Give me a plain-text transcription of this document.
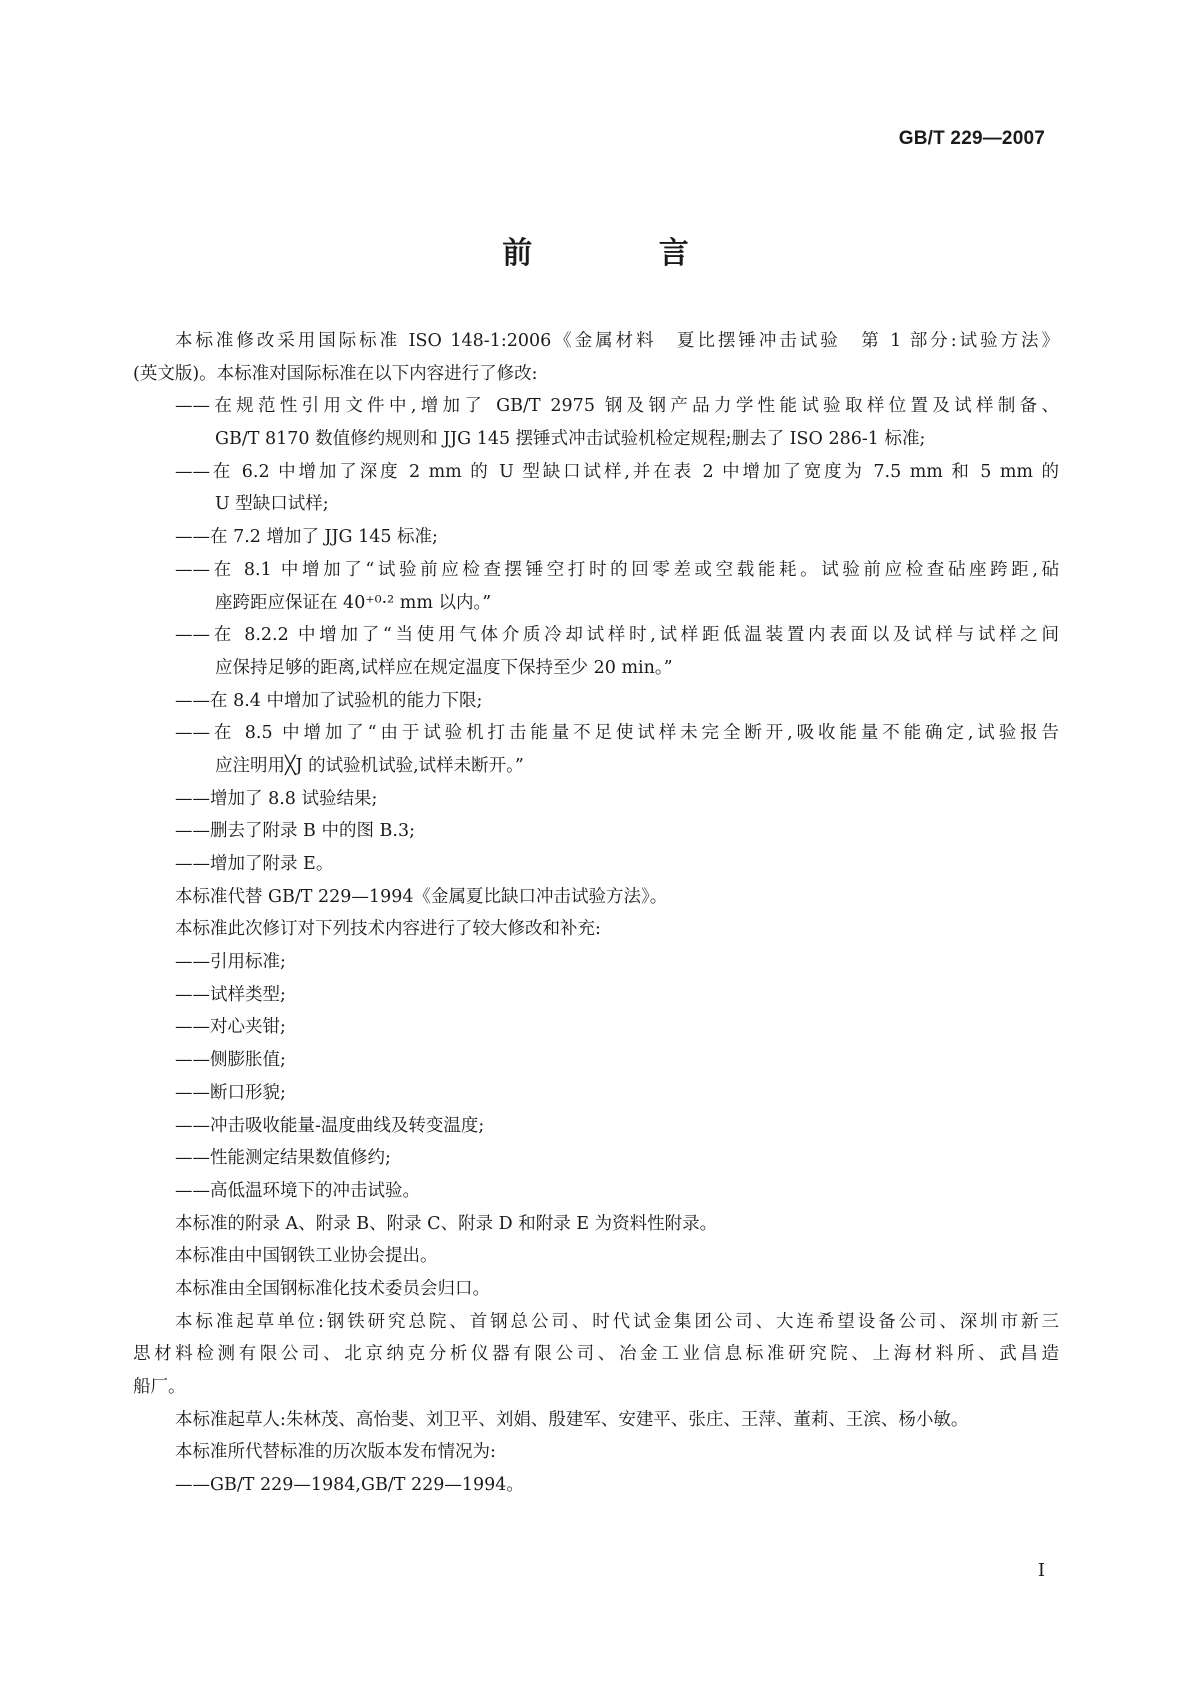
GB/T 229—2007
前 言
本标准修改采用国际标准 ISO 148-1:2006《金属材料　夏比摆锤冲击试验　第 1 部分:试验方法》
(英文版)。本标准对国际标准在以下内容进行了修改:
——在规范性引用文件中,增加了 GB/T 2975 钢及钢产品力学性能试验取样位置及试样制备、
GB/T 8170 数值修约规则和 JJG 145 摆锤式冲击试验机检定规程;删去了 ISO 286-1 标准;
——在 6.2 中增加了深度 2 mm 的 U 型缺口试样,并在表 2 中增加了宽度为 7.5 mm 和 5 mm 的
U 型缺口试样;
——在 7.2 增加了 JJG 145 标准;
——在 8.1 中增加了“试验前应检查摆锤空打时的回零差或空载能耗。试验前应检查砧座跨距,砧
座跨距应保证在 40⁺⁰·² mm 以内。”
——在 8.2.2 中增加了“当使用气体介质冷却试样时,试样距低温装置内表面以及试样与试样之间
应保持足够的距离,试样应在规定温度下保持至少 20 min。”
——在 8.4 中增加了试验机的能力下限;
——在 8.5 中增加了“由于试验机打击能量不足使试样未完全断开,吸收能量不能确定,试验报告
应注明用╳J 的试验机试验,试样未断开。”
——增加了 8.8 试验结果;
——删去了附录 B 中的图 B.3;
——增加了附录 E。
本标准代替 GB/T 229—1994《金属夏比缺口冲击试验方法》。
本标准此次修订对下列技术内容进行了较大修改和补充:
——引用标准;
——试样类型;
——对心夹钳;
——侧膨胀值;
——断口形貌;
——冲击吸收能量-温度曲线及转变温度;
——性能测定结果数值修约;
——高低温环境下的冲击试验。
本标准的附录 A、附录 B、附录 C、附录 D 和附录 E 为资料性附录。
本标准由中国钢铁工业协会提出。
本标准由全国钢标准化技术委员会归口。
本标准起草单位:钢铁研究总院、首钢总公司、时代试金集团公司、大连希望设备公司、深圳市新三
思材料检测有限公司、北京纳克分析仪器有限公司、冶金工业信息标准研究院、上海材料所、武昌造
船厂。
本标准起草人:朱林茂、高怡斐、刘卫平、刘娟、殷建军、安建平、张庄、王萍、董莉、王滨、杨小敏。
本标准所代替标准的历次版本发布情况为:
——GB/T 229—1984,GB/T 229—1994。
I
